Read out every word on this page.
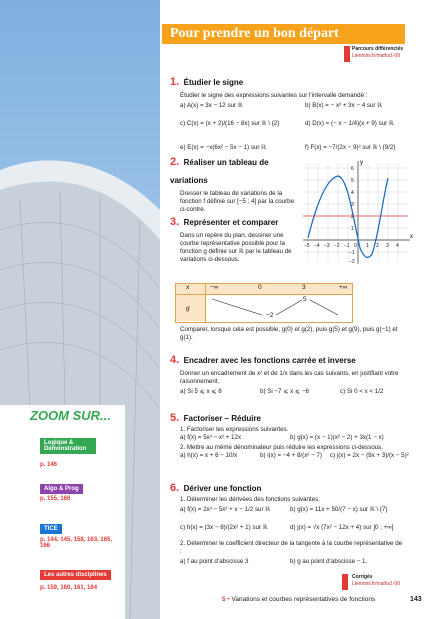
ZOOM SUR...
Logique & Démonstration
p. 146
Algo & Prog
p. 155, 166
TICE
p. 144, 145, 158, 163, 165, 166
Les autres disciplines
p. 159, 160, 161, 164
Pour prendre un bon départ
Parcours différenciés
Lienmini.fr/maths1-09
1. Étudier le signe
Étudier le signe des expressions suivantes sur l’intervalle demandé :
a) A(x) = 3x − 12 sur ℝ	b) B(x) = − x² + 3x − 4 sur ℝ
c) C(x) = (x + 2)/(16 − 8x) sur ℝ \ {2}	d) D(x) = (− x − 1/4)(x + 9) sur ℝ
e) E(x) = −x(6x² − 5x − 1) sur ℝ	f) F(x) = −7/(2x − 9)² sur ℝ \ {9/2}
2. Réaliser un tableau de variations
Dresser le tableau de variations de la fonction f définie sur [−5 ; 4] par la courbe ci-contre.
3. Représenter et comparer
Dans un repère du plan, dessiner une courbe représentative possible pour la fonction g définie sur ℝ par le tableau de variations ci-dessous.
x
y
−5 −4 −3 −2 −1 0 1 2 3 4
6
5
4
3
2
1
−1
−2
x
g
−∞	0	3	+∞
5
−2
Comparer, lorsque cela est possible, g(0) et g(2), puis g(5) et g(9), puis g(−1) et g(1).
4. Encadrer avec les fonctions carrée et inverse
Donner un encadrement de x² et de 1/x dans les cas suivants, en justifiant votre raisonnement.
a) Si 5 ⩽ x ⩽ 8	b) Si −7 ⩽ x ⩽ −6	c) Si 0 < x < 1/2
5. Factoriser – Réduire
1. Factoriser les expressions suivantes.
a) f(x) = 5x³ − x² + 12x	b) g(x) = (x − 1)(x² − 2) + 3x(1 − x)
2. Mettre au même dénominateur puis réduire les expressions ci-dessous.
a) h(x) = x + 6 − 10/x	b) i(x) = −4 + 8/(x² − 7) c) j(x) = 2x − (9x + 3)/(x − 5)²
6. Dériver une fonction
1. Déterminer les dérivées des fonctions suivantes.
a) f(x) = 2x³ − 5x² + x − 1/2 sur ℝ	b) g(x) = 11x + 50/(7 − x) sur ℝ \ {7}
c) h(x) = (3x − 8)/(2x² + 1) sur ℝ	d) j(x) = √x (7x² − 12x + 4) sur ]0 ; +∞[
2. Déterminer le coefficient directeur de la tangente à la courbe représentative de :
a) f au point d’abscisse 3	b) g au point d’abscisse − 1.
Corrigés
Lienmini.fr/maths1-00
5 • Variations et courbes représentatives de fonctions	143
